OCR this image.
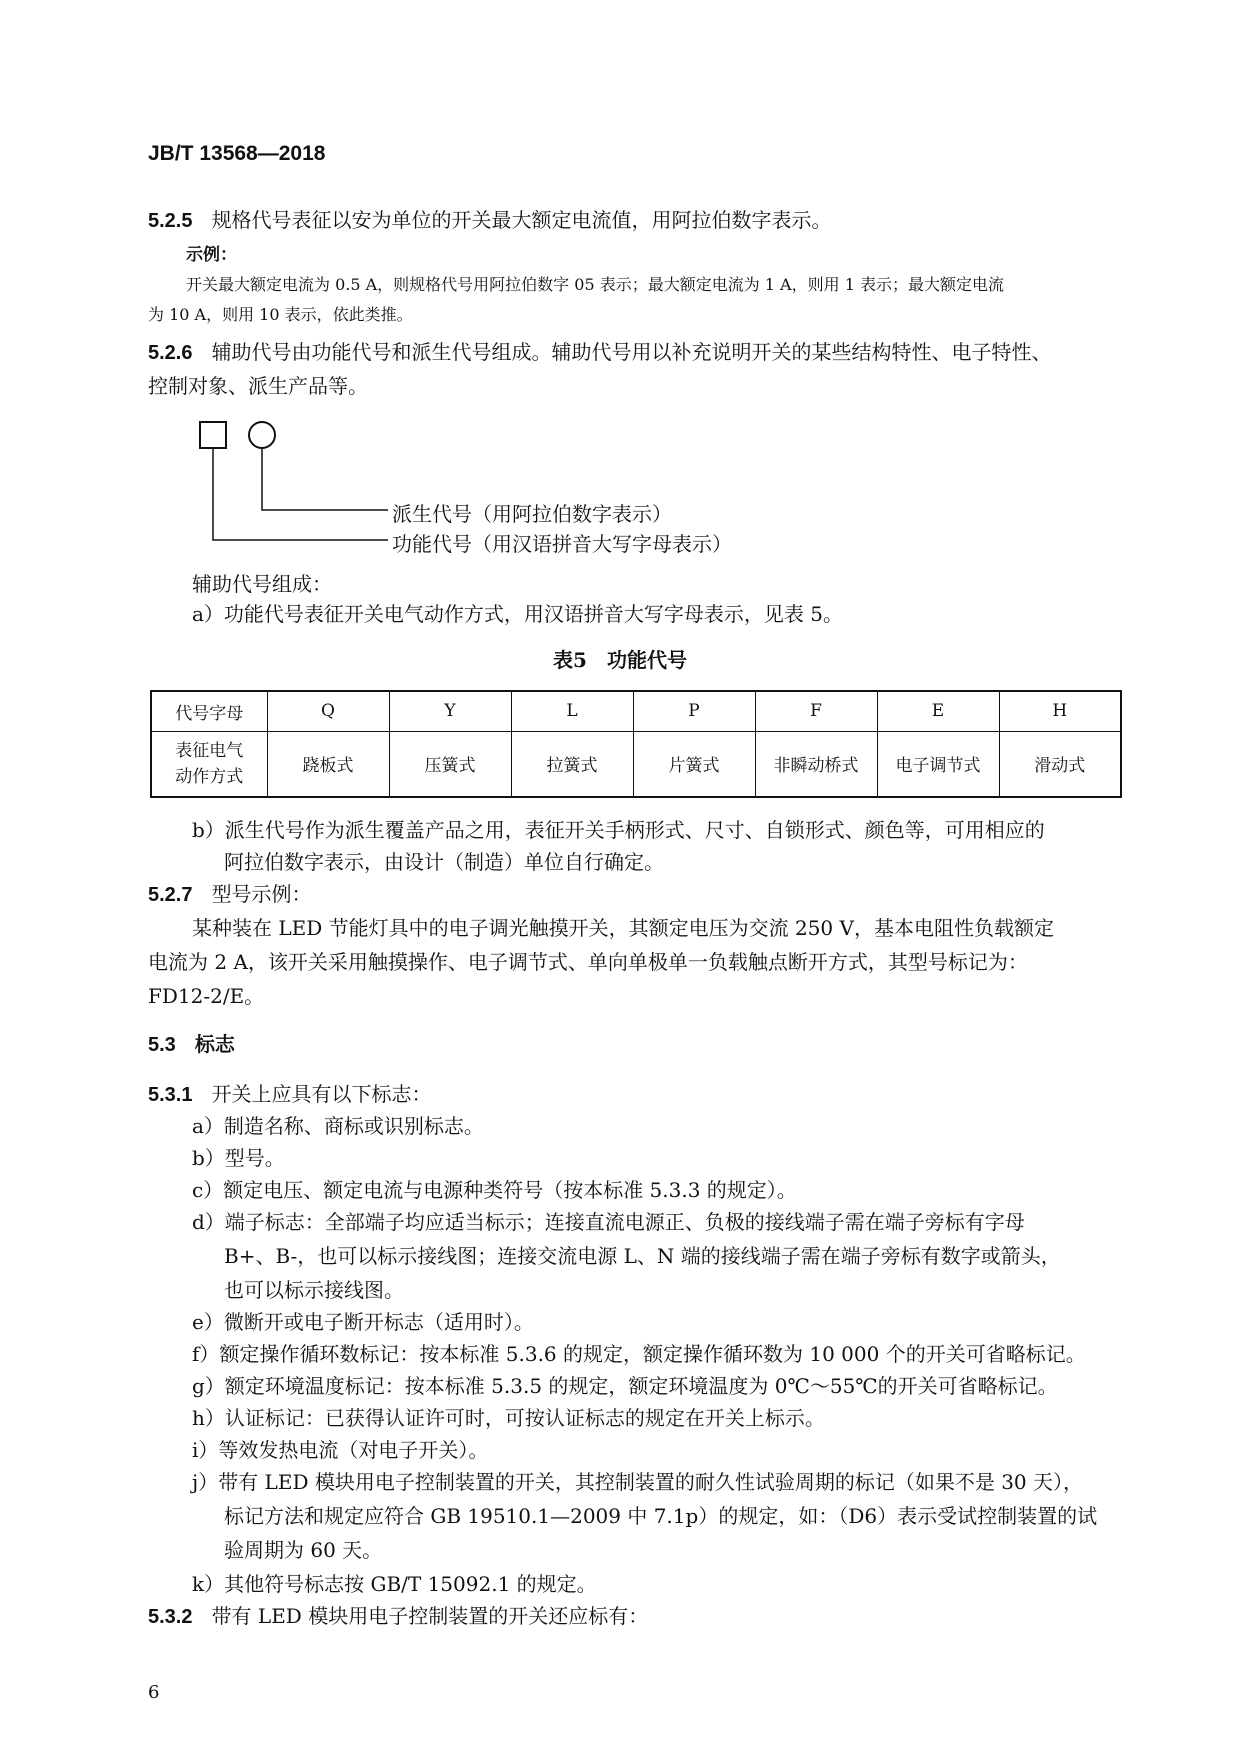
JB/T 13568—2018
5.2.5 规格代号表征以安为单位的开关最大额定电流值，用阿拉伯数字表示。
示例：
开关最大额定电流为 0.5 A，则规格代号用阿拉伯数字 05 表示；最大额定电流为 1 A，则用 1 表示；最大额定电流
为 10 A，则用 10 表示，依此类推。
5.2.6 辅助代号由功能代号和派生代号组成。辅助代号用以补充说明开关的某些结构特性、电子特性、
控制对象、派生产品等。
派生代号（用阿拉伯数字表示）
功能代号（用汉语拼音大写字母表示）
辅助代号组成：
a）功能代号表征开关电气动作方式，用汉语拼音大写字母表示，见表 5。
表5　功能代号
代号字母	Q	Y	L	P	F	E	H
表征电气
动作方式	跷板式	压簧式	拉簧式	片簧式	非瞬动桥式	电子调节式	滑动式
b）派生代号作为派生覆盖产品之用，表征开关手柄形式、尺寸、自锁形式、颜色等，可用相应的
阿拉伯数字表示，由设计（制造）单位自行确定。
5.2.7 型号示例：
某种装在 LED 节能灯具中的电子调光触摸开关，其额定电压为交流 250 V，基本电阻性负载额定
电流为 2 A，该开关采用触摸操作、电子调节式、单向单极单一负载触点断开方式，其型号标记为：
FD12-2/E。
5.3 标志
5.3.1 开关上应具有以下标志：
a）制造名称、商标或识别标志。
b）型号。
c）额定电压、额定电流与电源种类符号（按本标准 5.3.3 的规定）。
d）端子标志：全部端子均应适当标示；连接直流电源正、负极的接线端子需在端子旁标有字母
B+、B-，也可以标示接线图；连接交流电源 L、N 端的接线端子需在端子旁标有数字或箭头，
也可以标示接线图。
e）微断开或电子断开标志（适用时）。
f）额定操作循环数标记：按本标准 5.3.6 的规定，额定操作循环数为 10 000 个的开关可省略标记。
g）额定环境温度标记：按本标准 5.3.5 的规定，额定环境温度为 0℃～55℃的开关可省略标记。
h）认证标记：已获得认证许可时，可按认证标志的规定在开关上标示。
i）等效发热电流（对电子开关）。
j）带有 LED 模块用电子控制装置的开关，其控制装置的耐久性试验周期的标记（如果不是 30 天），
标记方法和规定应符合 GB 19510.1—2009 中 7.1p）的规定，如：（D6）表示受试控制装置的试
验周期为 60 天。
k）其他符号标志按 GB/T 15092.1 的规定。
5.3.2 带有 LED 模块用电子控制装置的开关还应标有：
6
